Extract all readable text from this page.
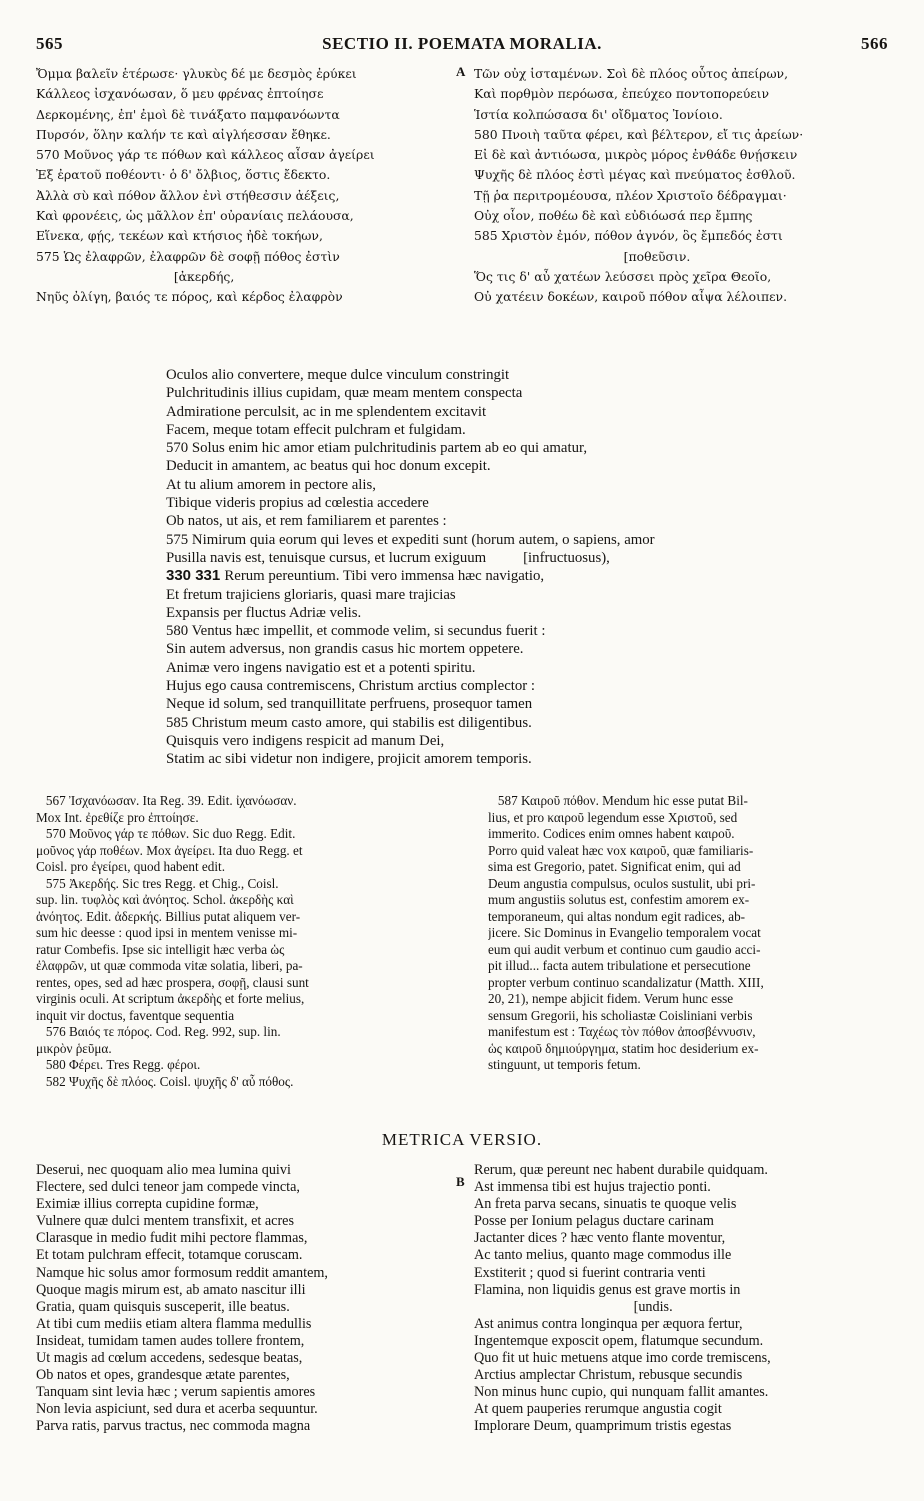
565	SECTIO II. POEMATA MORALIA.	566
Ὄμμα βαλεῖν ἑτέρωσε· γλυκὺς δέ με δεσμὸς ἐρύκει
Κάλλεος ἰσχανόωσαν, ὅ μευ φρένας ἐπτοίησε
Δερκομένης, ἐπ' ἐμοὶ δὲ τινάξατο παμφανόωντα
Πυρσόν, ὅλην καλήν τε καὶ αἰγλήεσσαν ἔθηκε.
570 Μοῦνος γάρ τε πόθων καὶ κάλλεος αἶσαν ἀγείρει
Ἐξ ἐρατοῦ ποθέοντι· ὁ δ' ὄλβιος, ὅστις ἔδεκτο.
Ἀλλὰ σὺ καὶ πόθον ἄλλον ἐνὶ στήθεσσιν ἀέξεις,
Καὶ φρονέεις, ὡς μᾶλλον ἐπ' οὐρανίαις πελάουσα,
Εἵνεκα, φῄς, τεκέων καὶ κτήσιος ἠδὲ τοκήων,
575 Ὡς ἐλαφρῶν, ἐλαφρῶν δὲ σοφῇ πόθος ἐστὶν
[ἀκερδής,
Νηῦς ὀλίγη, βαιός τε πόρος, καὶ κέρδος ἐλαφρὸν
A Τῶν οὐχ ἱσταμένων. Σοὶ δὲ πλόος οὗτος ἀπείρων,
Καὶ πορθμὸν περόωσα, ἐπεύχεο ποντοπορεύειν
Ἱστία κολπώσασα δι' οἴδματος Ἰονίοιο.
580 Πνοιὴ ταῦτα φέρει, καὶ βέλτερον, εἴ τις ἀρείων·
Εἰ δὲ καὶ ἀντιόωσα, μικρὸς μόρος ἐνθάδε θνῄσκειν
Ψυχῆς δὲ πλόος ἐστὶ μέγας καὶ πνεύματος ἐσθλοῦ.
Τῇ ῥα περιτρομέουσα, πλέον Χριστοῖο δέδραγμαι·
Οὐχ οἷον, ποθέω δὲ καὶ εὐδιόωσά περ ἔμπης
585 Χριστὸν ἐμόν, πόθον ἁγνόν, ὃς ἔμπεδός ἐστι
[ποθεῦσιν.
Ὅς τις δ' αὖ χατέων λεύσσει πρὸς χεῖρα Θεοῖο,
Οὐ χατέειν δοκέων, καιροῦ πόθον αἶψα λέλοιπεν.
Oculos alio convertere, meque dulce vinculum constringit
Pulchritudinis illius cupidam, quæ meam mentem conspecta
Admiratione perculsit, ac in me splendentem excitavit
Facem, meque totam effecit pulchram et fulgidam.
570 Solus enim hic amor etiam pulchritudinis partem ab eo qui amatur,
Deducit in amantem, ac beatus qui hoc donum excepit.
At tu alium amorem in pectore alis,
Tibique videris propius ad cœlestia accedere
Ob natos, ut ais, et rem familiarem et parentes :
575 Nimirum quia eorum qui leves et expediti sunt (horum autem, o sapiens, amor
Pusilla navis est, tenuisque cursus, et lucrum exiguum          [infructuosus),
330 331 Rerum pereuntium. Tibi vero immensa hæc navigatio,
Et fretum trajiciens gloriaris, quasi mare trajicias
Expansis per fluctus Adriæ velis.
580 Ventus hæc impellit, et commode velim, si secundus fuerit :
Sin autem adversus, non grandis casus hic mortem oppetere.
Animæ vero ingens navigatio est et a potenti spiritu.
Hujus ego causa contremiscens, Christum arctius complector :
Neque id solum, sed tranquillitate perfruens, prosequor tamen
585 Christum meum casto amore, qui stabilis est diligentibus.
Quisquis vero indigens respicit ad manum Dei,
Statim ac sibi videtur non indigere, projicit amorem temporis.
567 Ἰσχανόωσαν. Ita Reg. 39. Edit. ἰχανόωσαν.
Mox Int. ἐρεθίζε pro ἐπτοίησε.
570 Μοῦνος γάρ τε πόθων. Sic duo Regg. Edit.
μοῦνος γάρ ποθέων. Mox ἀγείρει. Ita duo Regg. et
Coisl. pro ἐγείρει, quod habent edit.
575 Ἀκερδής. Sic tres Regg. et Chig., Coisl.
sup. lin. τυφλὸς καὶ ἀνόητος. Schol. ἀκερδὴς καὶ
ἀνόητος. Edit. ἀδερκής. Billius putat aliquem ver-
sum hic deesse : quod ipsi in mentem venisse mi-
ratur Combefis. Ipse sic intelligit hæc verba ὡς
ἐλαφρῶν, ut quæ commoda vitæ solatia, liberi, pa-
rentes, opes, sed ad hæc prospera, σοφῇ, clausi sunt
virginis oculi. At scriptum ἀκερδὴς et forte melius,
inquit vir doctus, faventque sequentia
576 Βαιός τε πόρος. Cod. Reg. 992, sup. lin.
μικρὸν ῥεῦμα.
580 Φέρει. Tres Regg. φέροι.
582 Ψυχῆς δὲ πλόος. Coisl. ψυχῆς δ' αὖ πόθος.
587 Καιροῦ πόθον. Mendum hic esse putat Bil-
lius, et pro καιροῦ legendum esse Χριστοῦ, sed
immerito. Codices enim omnes habent καιροῦ.
Porro quid valeat hæc vox καιροῦ, quæ familiaris-
sima est Gregorio, patet. Significat enim, qui ad
Deum angustia compulsus, oculos sustulit, ubi pri-
mum angustiis solutus est, confestim amorem ex-
temporaneum, qui altas nondum egit radices, ab-
jicere. Sic Dominus in Evangelio temporalem vocat
eum qui audit verbum et continuo cum gaudio acci-
pit illud... facta autem tribulatione et persecutione
propter verbum continuo scandalizatur (Matth. XIII,
20, 21), nempe abjicit fidem. Verum hunc esse
sensum Gregorii, his scholiastæ Coisliniani verbis
manifestum est : Ταχέως τὸν πόθον ἀποσβέννυσιν,
ὡς καιροῦ δημιούργημα, statim hoc desiderium ex-
stinguunt, ut temporis fetum.
METRICA VERSIO.
Deserui, nec quoquam alio mea lumina quivi
Flectere, sed dulci teneor jam compede vincta,
Eximiæ illius correpta cupidine formæ,
Vulnere quæ dulci mentem transfixit, et acres
Clarasque in medio fudit mihi pectore flammas,
Et totam pulchram effecit, totamque coruscam.
Namque hic solus amor formosum reddit amantem,
Quoque magis mirum est, ab amato nascitur illi
Gratia, quam quisquis susceperit, ille beatus.
At tibi cum mediis etiam altera flamma medullis
Insideat, tumidam tamen audes tollere frontem,
Ut magis ad cœlum accedens, sedesque beatas,
Ob natos et opes, grandesque ætate parentes,
Tanquam sint levia hæc ; verum sapientis amores
Non levia aspiciunt, sed dura et acerba sequuntur.
Parva ratis, parvus tractus, nec commoda magna
B
Rerum, quæ pereunt nec habent durabile quidquam.
Ast immensa tibi est hujus trajectio ponti.
An freta parva secans, sinuatis te quoque velis
Posse per Ionium pelagus ductare carinam
Jactanter dices ? hæc vento flante moventur,
Ac tanto melius, quanto mage commodus ille
Exstiterit ; quod si fuerint contraria venti
Flamina, non liquidis genus est grave mortis in
[undis.
Ast animus contra longinqua per æquora fertur,
Ingentemque exposcit opem, flatumque secundum.
Quo fit ut huic metuens atque imo corde tremiscens,
Arctius amplectar Christum, rebusque secundis
Non minus hunc cupio, qui nunquam fallit amantes.
At quem pauperies rerumque angustia cogit
Implorare Deum, quamprimum tristis egestas
